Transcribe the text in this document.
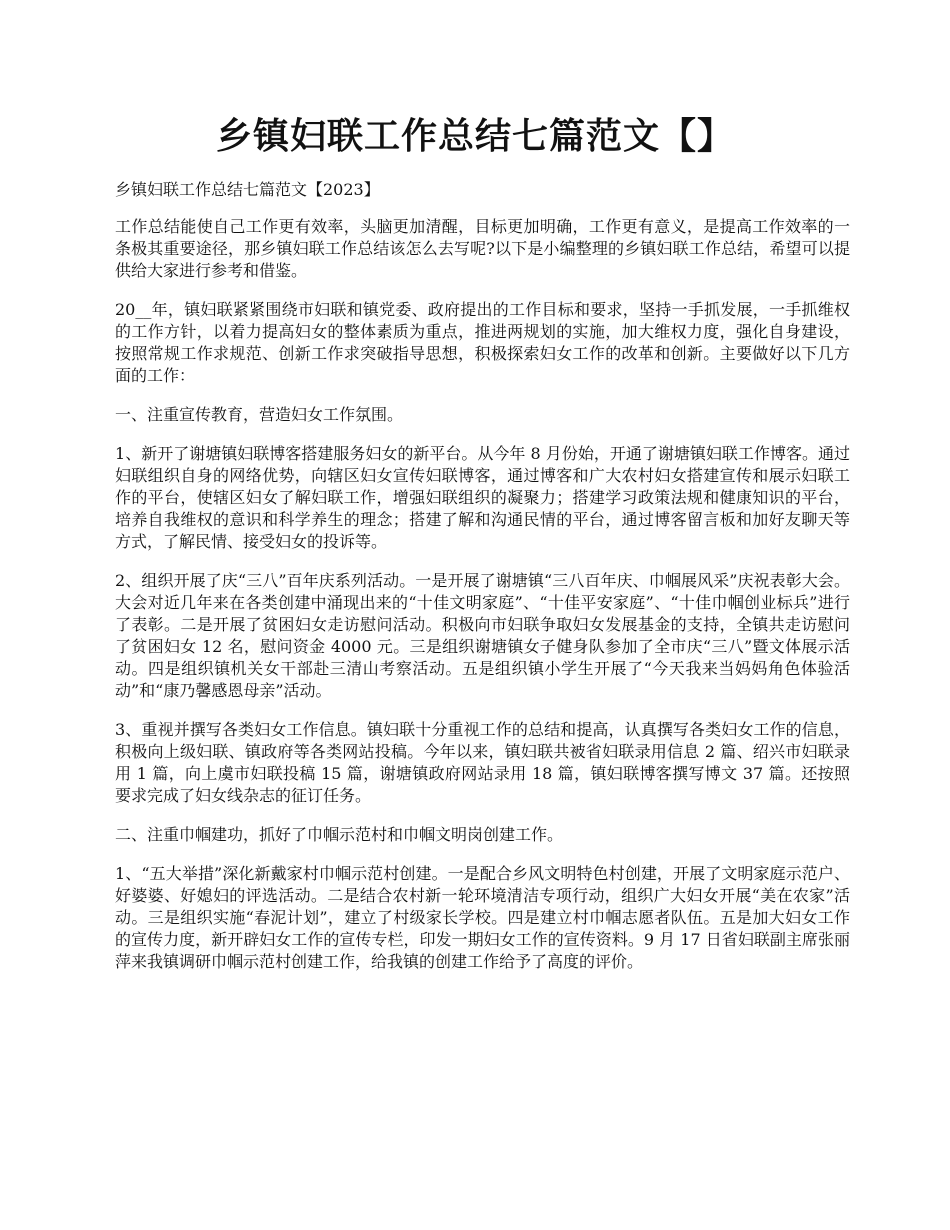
乡镇妇联工作总结七篇范文【】

乡镇妇联工作总结七篇范文【2023】

工作总结能使自己工作更有效率，头脑更加清醒，目标更加明确，工作更有意义，是提高工作效率的一条极其重要途径，那乡镇妇联工作总结该怎么去写呢?以下是小编整理的乡镇妇联工作总结，希望可以提供给大家进行参考和借鉴。

20__年，镇妇联紧紧围绕市妇联和镇党委、政府提出的工作目标和要求，坚持一手抓发展，一手抓维权的工作方针，以着力提高妇女的整体素质为重点，推进两规划的实施，加大维权力度，强化自身建设，按照常规工作求规范、创新工作求突破指导思想，积极探索妇女工作的改革和创新。主要做好以下几方面的工作：

一、注重宣传教育，营造妇女工作氛围。

1、新开了谢塘镇妇联博客搭建服务妇女的新平台。从今年 8 月份始，开通了谢塘镇妇联工作博客。通过妇联组织自身的网络优势，向辖区妇女宣传妇联博客，通过博客和广大农村妇女搭建宣传和展示妇联工作的平台，使辖区妇女了解妇联工作，增强妇联组织的凝聚力；搭建学习政策法规和健康知识的平台，培养自我维权的意识和科学养生的理念；搭建了解和沟通民情的平台，通过博客留言板和加好友聊天等方式，了解民情、接受妇女的投诉等。

2、组织开展了庆“三八”百年庆系列活动。一是开展了谢塘镇“三八百年庆、巾帼展风采”庆祝表彰大会。大会对近几年来在各类创建中涌现出来的“十佳文明家庭”、“十佳平安家庭”、“十佳巾帼创业标兵”进行了表彰。二是开展了贫困妇女走访慰问活动。积极向市妇联争取妇女发展基金的支持，全镇共走访慰问了贫困妇女 12 名，慰问资金 4000 元。三是组织谢塘镇女子健身队参加了全市庆“三八”暨文体展示活动。四是组织镇机关女干部赴三清山考察活动。五是组织镇小学生开展了“今天我来当妈妈角色体验活动”和“康乃馨感恩母亲”活动。

3、重视并撰写各类妇女工作信息。镇妇联十分重视工作的总结和提高，认真撰写各类妇女工作的信息，积极向上级妇联、镇政府等各类网站投稿。今年以来，镇妇联共被省妇联录用信息 2 篇、绍兴市妇联录用 1 篇，向上虞市妇联投稿 15 篇，谢塘镇政府网站录用 18 篇，镇妇联博客撰写博文 37 篇。还按照要求完成了妇女线杂志的征订任务。

二、注重巾帼建功，抓好了巾帼示范村和巾帼文明岗创建工作。

1、“五大举措”深化新戴家村巾帼示范村创建。一是配合乡风文明特色村创建，开展了文明家庭示范户、好婆婆、好媳妇的评选活动。二是结合农村新一轮环境清洁专项行动，组织广大妇女开展“美在农家”活动。三是组织实施“春泥计划”，建立了村级家长学校。四是建立村巾帼志愿者队伍。五是加大妇女工作的宣传力度，新开辟妇女工作的宣传专栏，印发一期妇女工作的宣传资料。9 月 17 日省妇联副主席张丽萍来我镇调研巾帼示范村创建工作，给我镇的创建工作给予了高度的评价。
